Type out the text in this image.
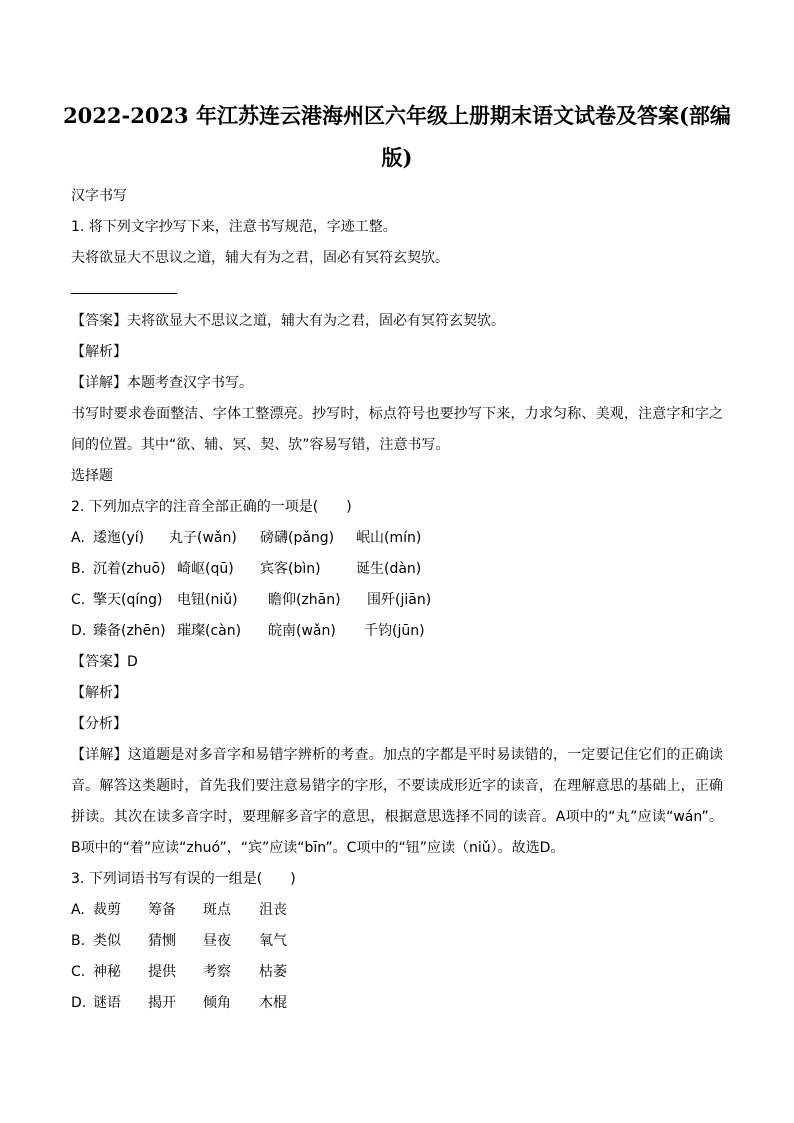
2022-2023 年江苏连云港海州区六年级上册期末语文试卷及答案(部编
版)

汉字书写

1. 将下列文字抄写下来，注意书写规范，字迹工整。

夫将欲显大不思议之道，辅大有为之君，固必有冥符玄契欤。

【答案】夫将欲显大不思议之道，辅大有为之君，固必有冥符玄契欤。

【解析】

【详解】本题考查汉字书写。

书写时要求卷面整洁、字体工整漂亮。抄写时，标点符号也要抄写下来，力求匀称、美观，注意字和字之

间的位置。其中“欲、辅、冥、契、欤”容易写错，注意书写。

选择题

2. 下列加点字的注音全部正确的一项是(　　)

A. 逶迤(yí) 丸子(wǎn) 磅礴(pǎng) 岷山(mín)

B. 沉着(zhuō) 崎岖(qū) 宾客(bìn)	诞生(dàn)

C. 擎天(qíng) 电钮(niǔ) 瞻仰(zhān) 围歼(jiān)

D. 臻备(zhēn) 璀璨(càn) 皖南(wǎn) 千钧(jūn)

【答案】D

【解析】

【分析】

【详解】这道题是对多音字和易错字辨析的考查。加点的字都是平时易读错的，一定要记住它们的正确读

音。解答这类题时，首先我们要注意易错字的字形，不要读成形近字的读音，在理解意思的基础上，正确

拼读。其次在读多音字时，要理解多音字的意思，根据意思选择不同的读音。A项中的“丸”应读“wán”。

B项中的“着”应读“zhuó”，“宾”应读“bīn”。C项中的“钮”应读（niǔ）。故选D。

3. 下列词语书写有误的一组是(　　)

A. 裁剪 筹备 斑点 沮丧

B. 类似 猜恻 昼夜 氧气

C. 神秘 提供 考察 枯萎

D. 谜语 揭开 倾角 木棍
